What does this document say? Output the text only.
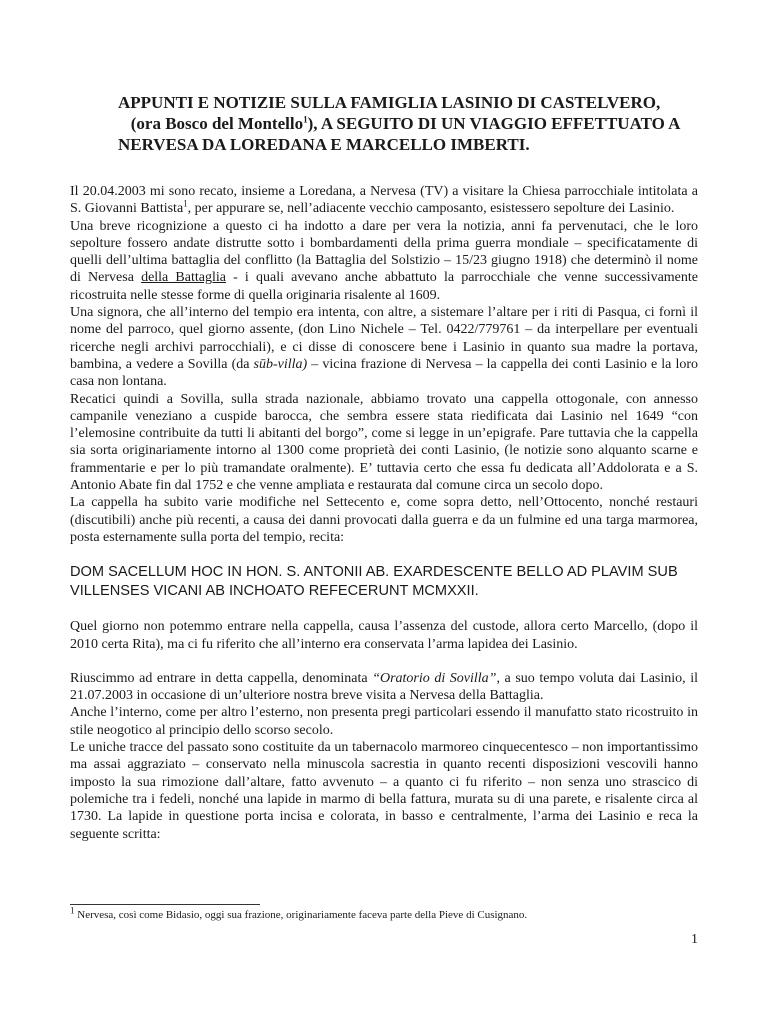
APPUNTI E NOTIZIE SULLA FAMIGLIA LASINIO DI CASTELVERO,
(ora Bosco del Montello$^1$), A SEGUITO DI UN VIAGGIO EFFETTUATO A
NERVESA DA LOREDANA E MARCELLO IMBERTI.

Il 20.04.2003 mi sono recato, insieme a Loredana, a Nervesa (TV) a visitare la Chiesa parrocchiale intitolata a S. Giovanni Battista$^1$, per appurare se, nell’adiacente vecchio camposanto, esistessero sepolture dei Lasinio.

Una breve ricognizione a questo ci ha indotto a dare per vera la notizia, anni fa pervenutaci, che le loro sepolture fossero andate distrutte sotto i bombardamenti della prima guerra mondiale – specificatamente di quelli dell’ultima battaglia del conflitto (la Battaglia del Solstizio – 15/23 giugno 1918) che determinò il nome di Nervesa della Battaglia - i quali avevano anche abbattuto la parrocchiale che venne successivamente ricostruita nelle stesse forme di quella originaria risalente al 1609.

Una signora, che all’interno del tempio era intenta, con altre, a sistemare l’altare per i riti di Pasqua, ci fornì il nome del parroco, quel giorno assente, (don Lino Nichele – Tel. 0422/779761 – da interpellare per eventuali ricerche negli archivi parrocchiali), e ci disse di conoscere bene i Lasinio in quanto sua madre la portava, bambina, a vedere a Sovilla (da sūb-villa) – vicina frazione di Nervesa – la cappella dei conti Lasinio e la loro casa non lontana.

Recatici quindi a Sovilla, sulla strada nazionale, abbiamo trovato una cappella ottogonale, con annesso campanile veneziano a cuspide barocca, che sembra essere stata riedificata dai Lasinio nel 1649 “con l’elemosine contribuite da tutti li abitanti del borgo”, come si legge in un’epigrafe. Pare tuttavia che la cappella sia sorta originariamente intorno al 1300 come proprietà dei conti Lasinio, (le notizie sono alquanto scarne e frammentarie e per lo più tramandate oralmente). E’ tuttavia certo che essa fu dedicata all’Addolorata e a S. Antonio Abate fin dal 1752 e che venne ampliata e restaurata dal comune circa un secolo dopo.

La cappella ha subito varie modifiche nel Settecento e, come sopra detto, nell’Ottocento, nonché restauri (discutibili) anche più recenti, a causa dei danni provocati dalla guerra e da un fulmine ed una targa marmorea, posta esternamente sulla porta del tempio, recita:

DOM SACELLUM HOC IN HON. S. ANTONII AB. EXARDESCENTE BELLO AD PLAVIM SUB VILLENSES VICANI AB INCHOATO REFECERUNT MCMXXII.

Quel giorno non potemmo entrare nella cappella, causa l’assenza del custode, allora certo Marcello, (dopo il 2010 certa Rita), ma ci fu riferito che all’interno era conservata l’arma lapidea dei Lasinio.

Riuscimmo ad entrare in detta cappella, denominata “Oratorio di Sovilla”, a suo tempo voluta dai Lasinio, il 21.07.2003 in occasione di un’ulteriore nostra breve visita a Nervesa della Battaglia.

Anche l’interno, come per altro l’esterno, non presenta pregi particolari essendo il manufatto stato ricostruito in stile neogotico al principio dello scorso secolo.

Le uniche tracce del passato sono costituite da un tabernacolo marmoreo cinquecentesco – non importantissimo ma assai aggraziato – conservato nella minuscola sacrestia in quanto recenti disposizioni vescovili hanno imposto la sua rimozione dall’altare, fatto avvenuto – a quanto ci fu riferito – non senza uno strascico di polemiche tra i fedeli, nonché una lapide in marmo di bella fattura, murata su di una parete, e risalente circa al 1730. La lapide in questione porta incisa e colorata, in basso e centralmente, l’arma dei Lasinio e reca la seguente scritta:

$^1$ Nervesa, così come Bidasio, oggi sua frazione, originariamente faceva parte della Pieve di Cusignano.
1
